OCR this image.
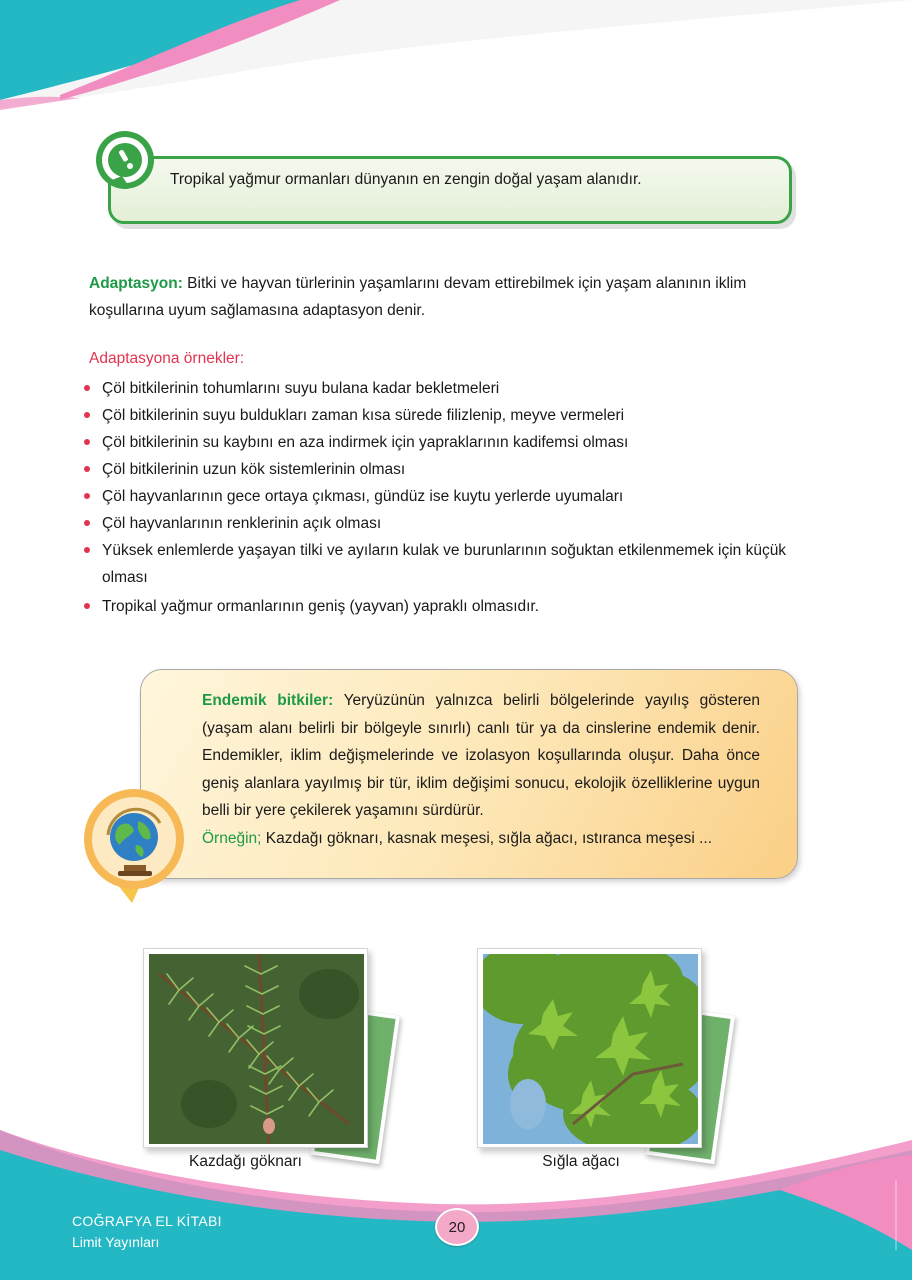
Tropikal yağmur ormanları dünyanın en zengin doğal yaşam alanıdır.

Adaptasyon: Bitki ve hayvan türlerinin yaşamlarını devam ettirebilmek için yaşam alanının iklim koşullarına uyum sağlamasına adaptasyon denir.

Adaptasyona örnekler:
Çöl bitkilerinin tohumlarını suyu bulana kadar bekletmeleri
Çöl bitkilerinin suyu buldukları zaman kısa sürede filizlenip, meyve vermeleri
Çöl bitkilerinin su kaybını en aza indirmek için yapraklarının kadifemsi olması
Çöl bitkilerinin uzun kök sistemlerinin olması
Çöl hayvanlarının gece ortaya çıkması, gündüz ise kuytu yerlerde uyumaları
Çöl hayvanlarının renklerinin açık olması
Yüksek enlemlerde yaşayan tilki ve ayıların kulak ve burunlarının soğuktan etkilenmemek için küçük olması
Tropikal yağmur ormanlarının geniş (yayvan) yapraklı olmasıdır.
Endemik bitkiler: Yeryüzünün yalnızca belirli bölgelerinde yayılış gösteren (yaşam alanı belirli bir bölgeyle sınırlı) canlı tür ya da cinslerine endemik denir. Endemikler, iklim değişmelerinde ve izolasyon koşullarında oluşur. Daha önce geniş alanlara yayılmış bir tür, iklim değişimi sonucu, ekolojik özelliklerine uygun belli bir yere çekilerek yaşamını sürdürür.
Örneğin; Kazdağı göknarı, kasnak meşesi, sığla ağacı, ıstıranca meşesi ...
Kazdağı göknarı	Sığla ağacı
COĞRAFYA EL KİTABI
Limit Yayınları
20
